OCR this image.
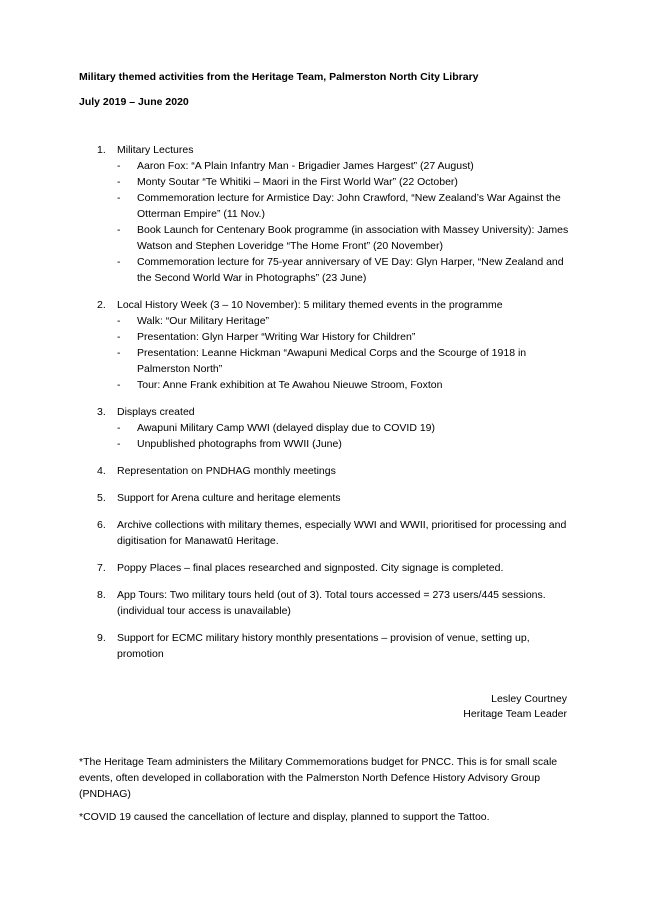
Military themed activities from the Heritage Team, Palmerston North City Library
July 2019 – June 2020
1. Military Lectures
- Aaron Fox: “A Plain Infantry Man - Brigadier James Hargest” (27 August)
- Monty Soutar “Te Whitiki – Maori in the First World War” (22 October)
- Commemoration lecture for Armistice Day: John Crawford, “New Zealand’s War Against the Otterman Empire” (11 Nov.)
- Book Launch for Centenary Book programme (in association with Massey University): James Watson and Stephen Loveridge “The Home Front” (20 November)
- Commemoration lecture for 75-year anniversary of VE Day: Glyn Harper, “New Zealand and the Second World War in Photographs” (23 June)
2. Local History Week (3 – 10 November): 5 military themed events in the programme
- Walk: “Our Military Heritage”
- Presentation: Glyn Harper “Writing War History for Children”
- Presentation: Leanne Hickman “Awapuni Medical Corps and the Scourge of 1918 in Palmerston North”
- Tour: Anne Frank exhibition at Te Awahou Nieuwe Stroom, Foxton
3. Displays created
- Awapuni Military Camp WWI (delayed display due to COVID 19)
- Unpublished photographs from WWII (June)
4. Representation on PNDHAG monthly meetings
5. Support for Arena culture and heritage elements
6. Archive collections with military themes, especially WWI and WWII, prioritised for processing and digitisation for Manawatū Heritage.
7. Poppy Places – final places researched and signposted. City signage is completed.
8. App Tours: Two military tours held (out of 3). Total tours accessed = 273 users/445 sessions. (individual tour access is unavailable)
9. Support for ECMC military history monthly presentations – provision of venue, setting up, promotion
Lesley Courtney
Heritage Team Leader
*The Heritage Team administers the Military Commemorations budget for PNCC. This is for small scale events, often developed in collaboration with the Palmerston North Defence History Advisory Group (PNDHAG)
*COVID 19 caused the cancellation of lecture and display, planned to support the Tattoo.
